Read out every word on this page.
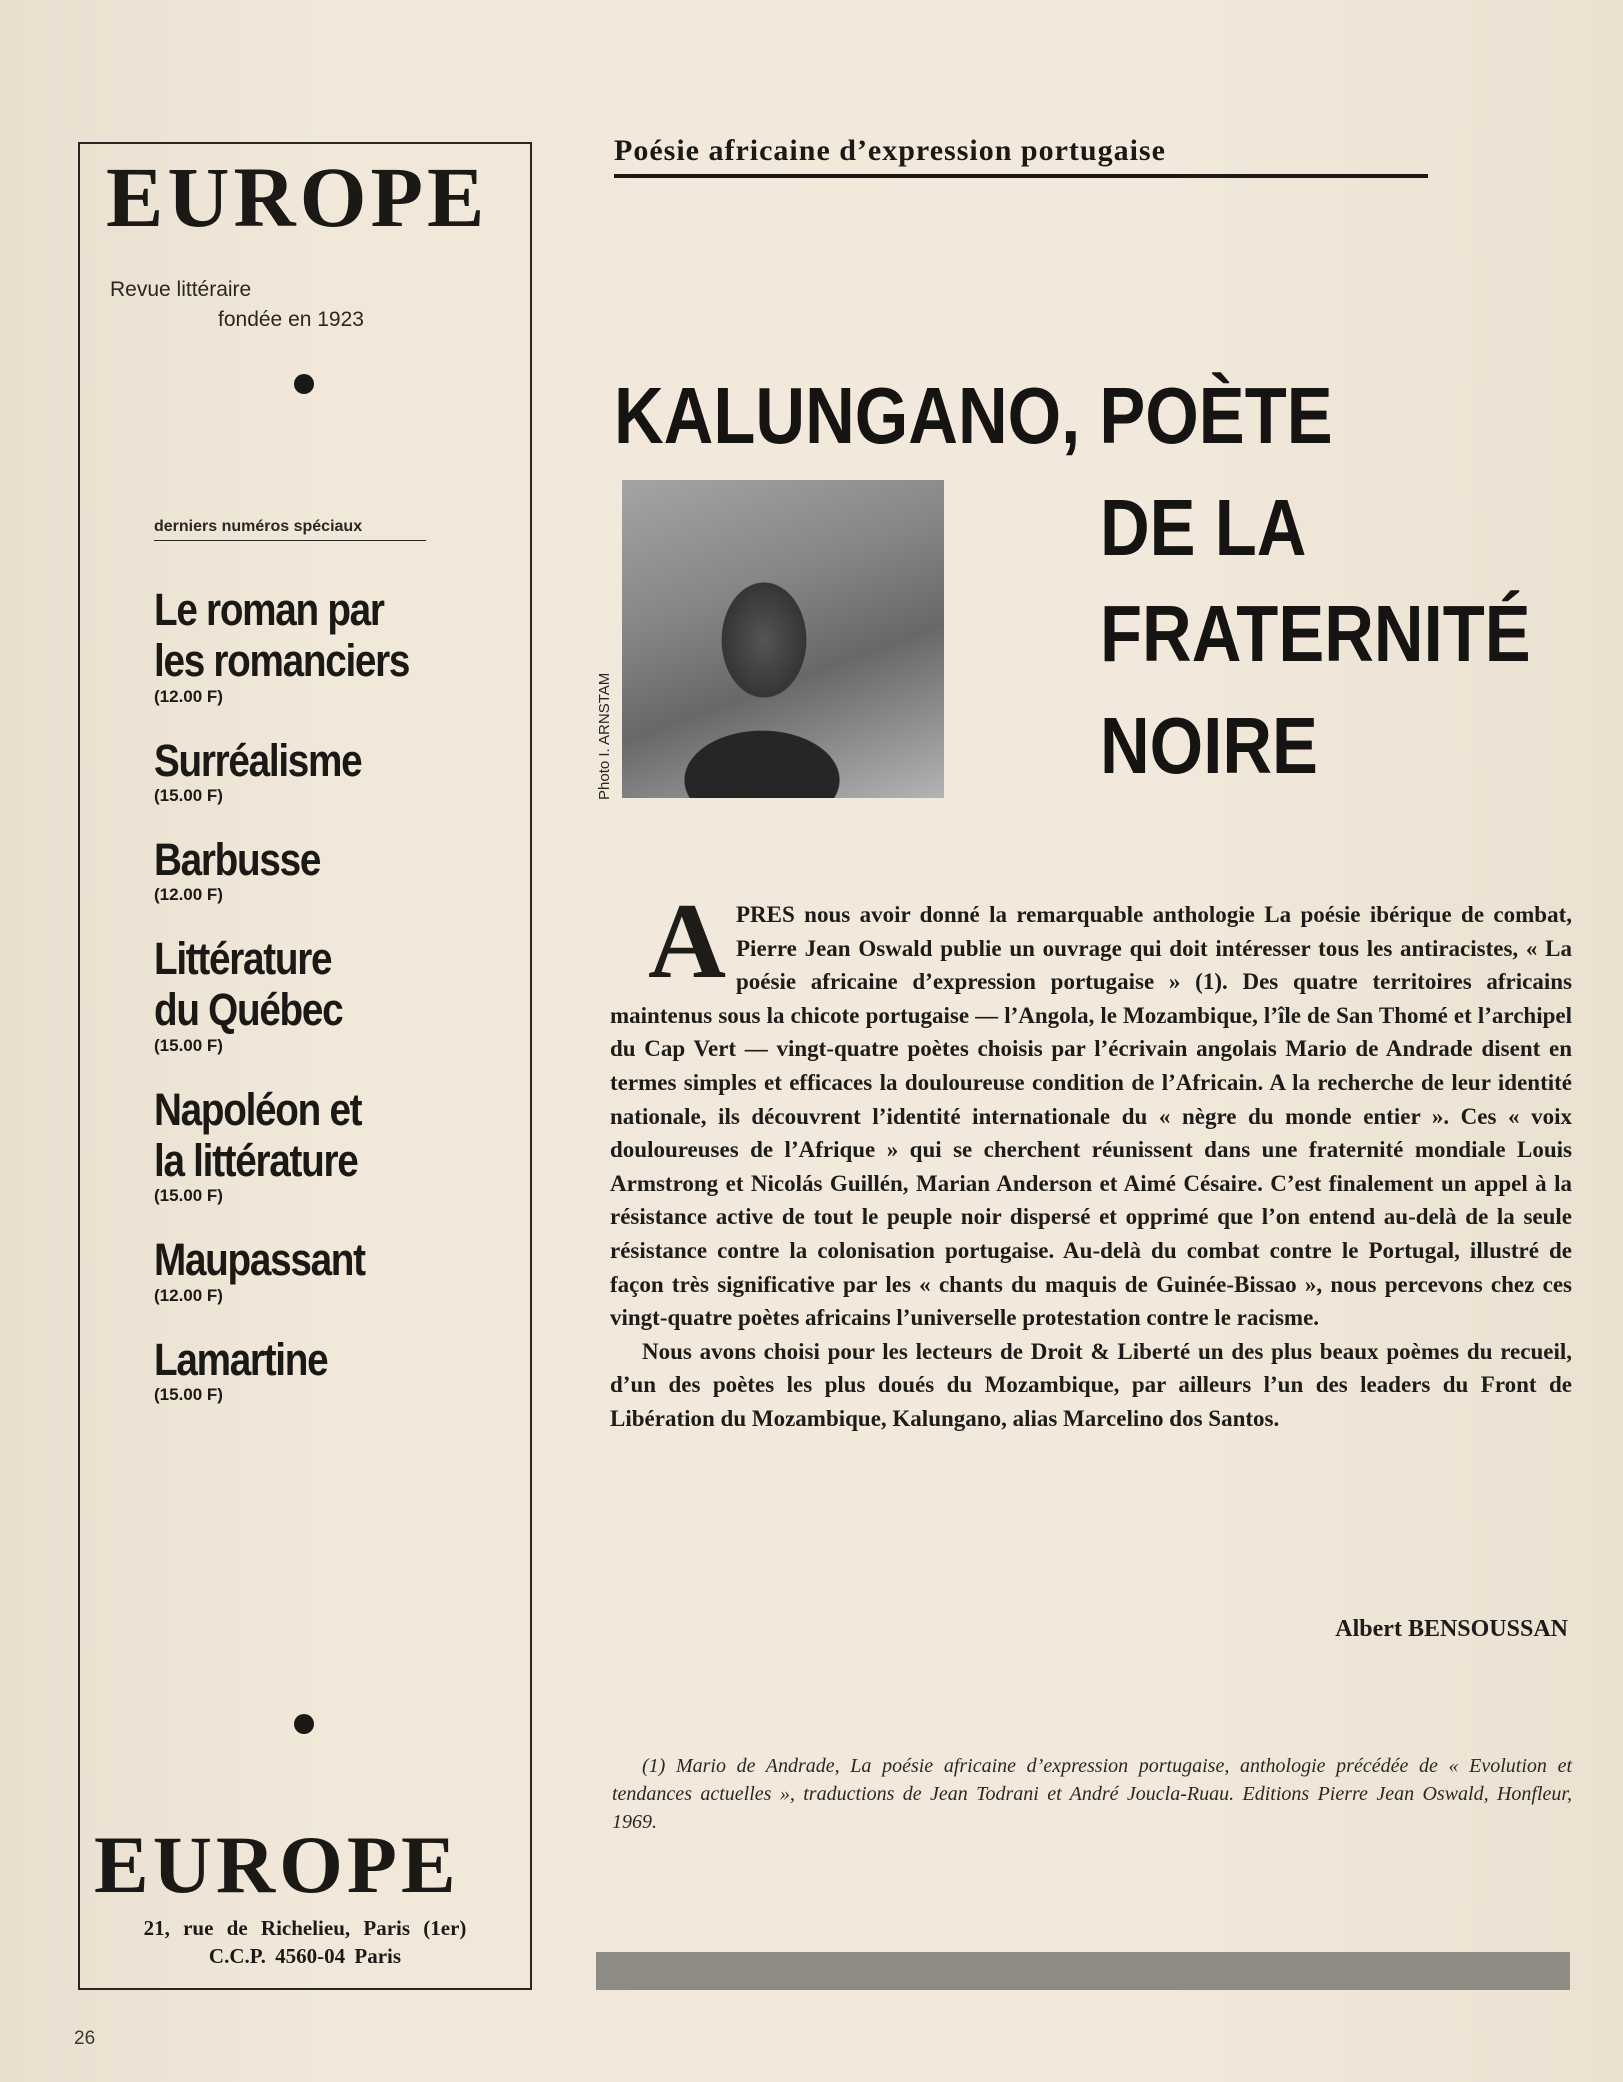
EUROPE
Revue littéraire
fondée en 1923
derniers numéros spéciaux
Le roman par
les romanciers
(12.00 F)
Surréalisme
(15.00 F)
Barbusse
(12.00 F)
Littérature
du Québec
(15.00 F)
Napoléon et
la littérature
(15.00 F)
Maupassant
(12.00 F)
Lamartine
(15.00 F)
EUROPE
21, rue de Richelieu, Paris (1er)
C.C.P. 4560-04 Paris
Poésie africaine d’expression portugaise
KALUNGANO, POÈTE
DE LA
FRATERNITÉ
NOIRE
Photo I. ARNSTAM

APRES nous avoir donné la remarquable anthologie La poésie ibérique de combat, Pierre Jean Oswald publie un ouvrage qui doit intéresser tous les antiracistes, « La poésie africaine d’expression portugaise » (1). Des quatre territoires africains maintenus sous la chicote portugaise — l’Angola, le Mozambique, l’île de San Thomé et l’archipel du Cap Vert — vingt-quatre poètes choisis par l’écrivain angolais Mario de Andrade disent en termes simples et efficaces la douloureuse condition de l’Africain. A la recherche de leur identité nationale, ils découvrent l’identité internationale du « nègre du monde entier ». Ces « voix douloureuses de l’Afrique » qui se cherchent réunissent dans une fraternité mondiale Louis Armstrong et Nicolás Guillén, Marian Anderson et Aimé Césaire. C’est finalement un appel à la résistance active de tout le peuple noir dispersé et opprimé que l’on entend au-delà de la seule résistance contre la colonisation portugaise. Au-delà du combat contre le Portugal, illustré de façon très significative par les « chants du maquis de Guinée-Bissao », nous percevons chez ces vingt-quatre poètes africains l’universelle protestation contre le racisme.

Nous avons choisi pour les lecteurs de Droit & Liberté un des plus beaux poèmes du recueil, d’un des poètes les plus doués du Mozambique, par ailleurs l’un des leaders du Front de Libération du Mozambique, Kalungano, alias Marcelino dos Santos.

Albert BENSOUSSAN
(1) Mario de Andrade, La poésie africaine d’expression portugaise, anthologie précédée de « Evolution et tendances actuelles », traductions de Jean Todrani et André Joucla-Ruau. Editions Pierre Jean Oswald, Honfleur, 1969.
26
